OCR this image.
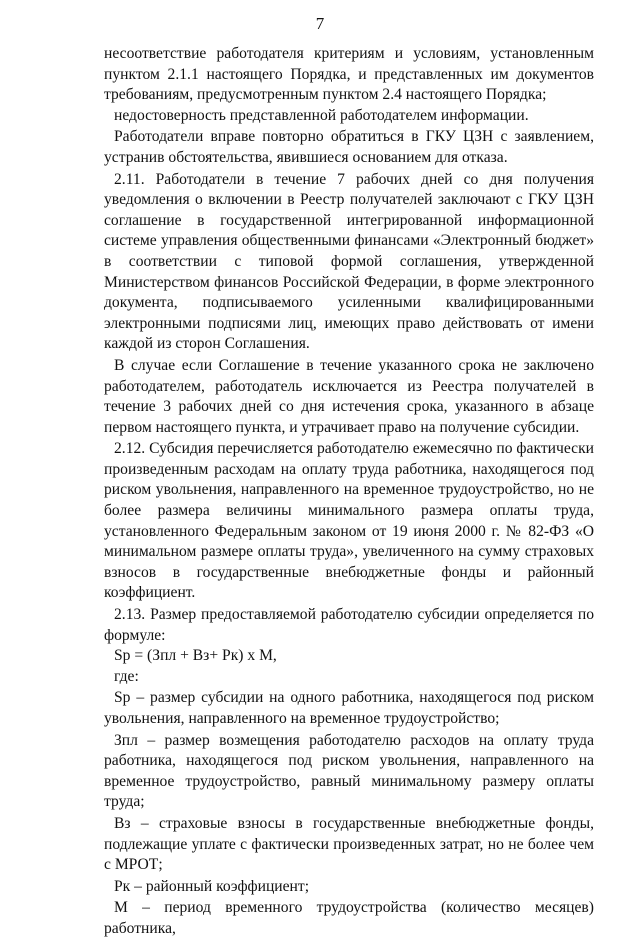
7

несоответствие работодателя критериям и условиям, установленным пунктом 2.1.1 настоящего Порядка, и представленных им документов требованиям, предусмотренным пунктом 2.4 настоящего Порядка;

недостоверность представленной работодателем информации.

Работодатели вправе повторно обратиться в ГКУ ЦЗН с заявлением, устранив обстоятельства, явившиеся основанием для отказа.

2.11. Работодатели в течение 7 рабочих дней со дня получения уведомления о включении в Реестр получателей заключают с ГКУ ЦЗН соглашение в государственной интегрированной информационной системе управления общественными финансами «Электронный бюджет» в соответствии с типовой формой соглашения, утвержденной Министерством финансов Российской Федерации, в форме электронного документа, подписываемого усиленными квалифицированными электронными подписями лиц, имеющих право действовать от имени каждой из сторон Соглашения.

В случае если Соглашение в течение указанного срока не заключено работодателем, работодатель исключается из Реестра получателей в течение 3 рабочих дней со дня истечения срока, указанного в абзаце первом настоящего пункта, и утрачивает право на получение субсидии.

2.12. Субсидия перечисляется работодателю ежемесячно по фактически произведенным расходам на оплату труда работника, находящегося под риском увольнения, направленного на временное трудоустройство, но не более размера величины минимального размера оплаты труда, установленного Федеральным законом от 19 июня 2000 г. № 82-ФЗ «О минимальном размере оплаты труда», увеличенного на сумму страховых взносов в государственные внебюджетные фонды и районный коэффициент.

2.13. Размер предоставляемой работодателю субсидии определяется по формуле:

Sp = (Зпл + Вз+ Рк) х М,

где:

Sp – размер субсидии на одного работника, находящегося под риском увольнения, направленного на временное трудоустройство;

Зпл – размер возмещения работодателю расходов на оплату труда работника, находящегося под риском увольнения, направленного на временное трудоустройство, равный минимальному размеру оплаты труда;

Вз – страховые взносы в государственные внебюджетные фонды, подлежащие уплате с фактически произведенных затрат, но не более чем с МРОТ;

Рк – районный коэффициент;

М – период временного трудоустройства (количество месяцев) работника,
